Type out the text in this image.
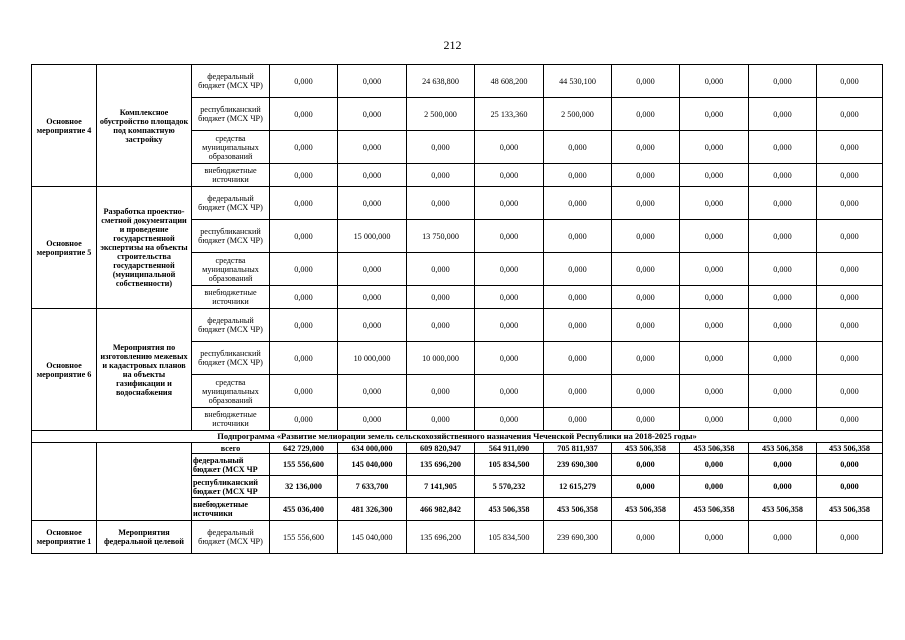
212
Основное мероприятие 4	Комплексное обустройство площадок под компактную застройку	федеральный бюджет (МСХ ЧР)	0,000	0,000	24 638,800	48 608,200	44 530,100	0,000	0,000	0,000	0,000
		республиканский бюджет (МСХ ЧР)	0,000	0,000	2 500,000	25 133,360	2 500,000	0,000	0,000	0,000	0,000
		средства муниципальных образований	0,000	0,000	0,000	0,000	0,000	0,000	0,000	0,000	0,000
		внебюджетные источники	0,000	0,000	0,000	0,000	0,000	0,000	0,000	0,000	0,000
Основное мероприятие 5	Разработка проектно-сметной документации и проведение государственной экспертизы на объекты строительства государственной (муниципальной собственности)	федеральный бюджет (МСХ ЧР)	0,000	0,000	0,000	0,000	0,000	0,000	0,000	0,000	0,000
		республиканский бюджет (МСХ ЧР)	0,000	15 000,000	13 750,000	0,000	0,000	0,000	0,000	0,000	0,000
		средства муниципальных образований	0,000	0,000	0,000	0,000	0,000	0,000	0,000	0,000	0,000
		внебюджетные источники	0,000	0,000	0,000	0,000	0,000	0,000	0,000	0,000	0,000
Основное мероприятие 6	Мероприятия по изготовлению межевых и кадастровых планов на объекты газификации и водоснабжения	федеральный бюджет (МСХ ЧР)	0,000	0,000	0,000	0,000	0,000	0,000	0,000	0,000	0,000
		республиканский бюджет (МСХ ЧР)	0,000	10 000,000	10 000,000	0,000	0,000	0,000	0,000	0,000	0,000
		средства муниципальных образований	0,000	0,000	0,000	0,000	0,000	0,000	0,000	0,000	0,000
		внебюджетные источники	0,000	0,000	0,000	0,000	0,000	0,000	0,000	0,000	0,000
Подпрограмма «Развитие мелиорации земель сельскохозяйственного назначения Чеченской Республики на 2018-2025 годы»											
		всего	642 729,000	634 000,000	609 820,947	564 911,090	705 811,937	453 506,358	453 506,358	453 506,358	453 506,358
		федеральный бюджет (МСХ ЧР	155 556,600	145 040,000	135 696,200	105 834,500	239 690,300	0,000	0,000	0,000	0,000
		республиканский бюджет (МСХ ЧР	32 136,000	7 633,700	7 141,905	5 570,232	12 615,279	0,000	0,000	0,000	0,000
		внебюджетные источники	455 036,400	481 326,300	466 982,842	453 506,358	453 506,358	453 506,358	453 506,358	453 506,358	453 506,358
Основное мероприятие 1	Мероприятия федеральной целевой	федеральный бюджет (МСХ ЧР)	155 556,600	145 040,000	135 696,200	105 834,500	239 690,300	0,000	0,000	0,000	0,000
